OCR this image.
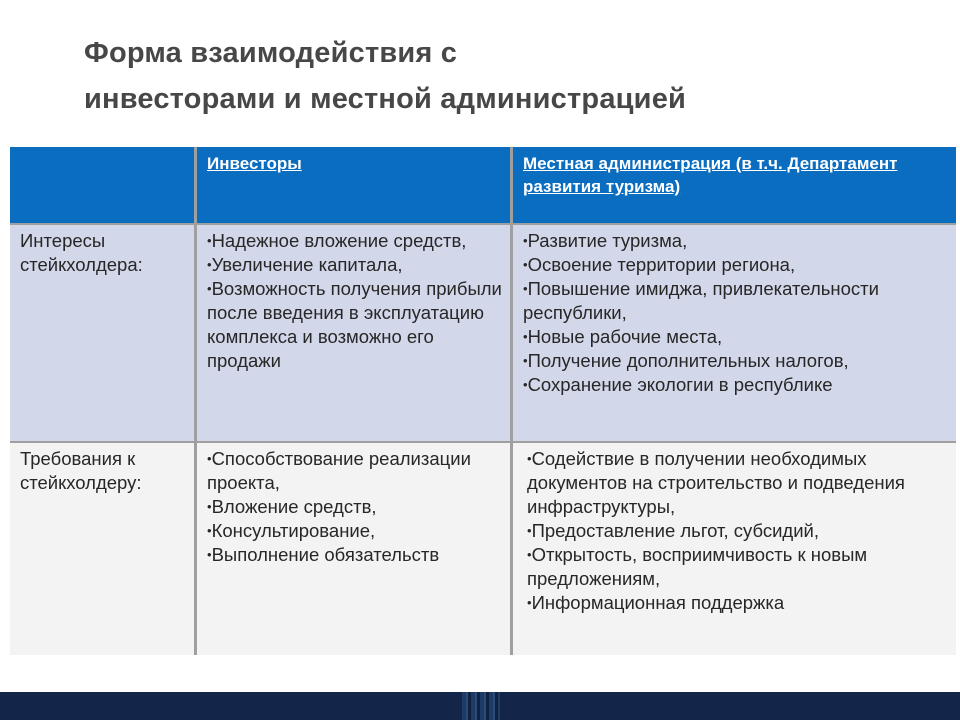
Форма взаимодействия с
инвесторами и местной администрацией
Инвесторы	Местная администрация (в т.ч. Департамент развития туризма)
Интересы стейкхолдера:
• Надежное вложение средств,
• Увеличение капитала,
• Возможность получения прибыли после введения в эксплуатацию комплекса и возможно его продажи
• Развитие туризма,
• Освоение территории региона,
• Повышение имиджа, привлекательности республики,
• Новые рабочие места,
• Получение дополнительных налогов,
• Сохранение экологии в республике
Требования к стейкхолдеру:
• Способствование реализации проекта,
• Вложение средств,
• Консультирование,
• Выполнение обязательств
• Содействие в получении необходимых документов на строительство и подведения инфраструктуры,
• Предоставление льгот, субсидий,
• Открытость, восприимчивость к новым предложениям,
• Информационная поддержка
